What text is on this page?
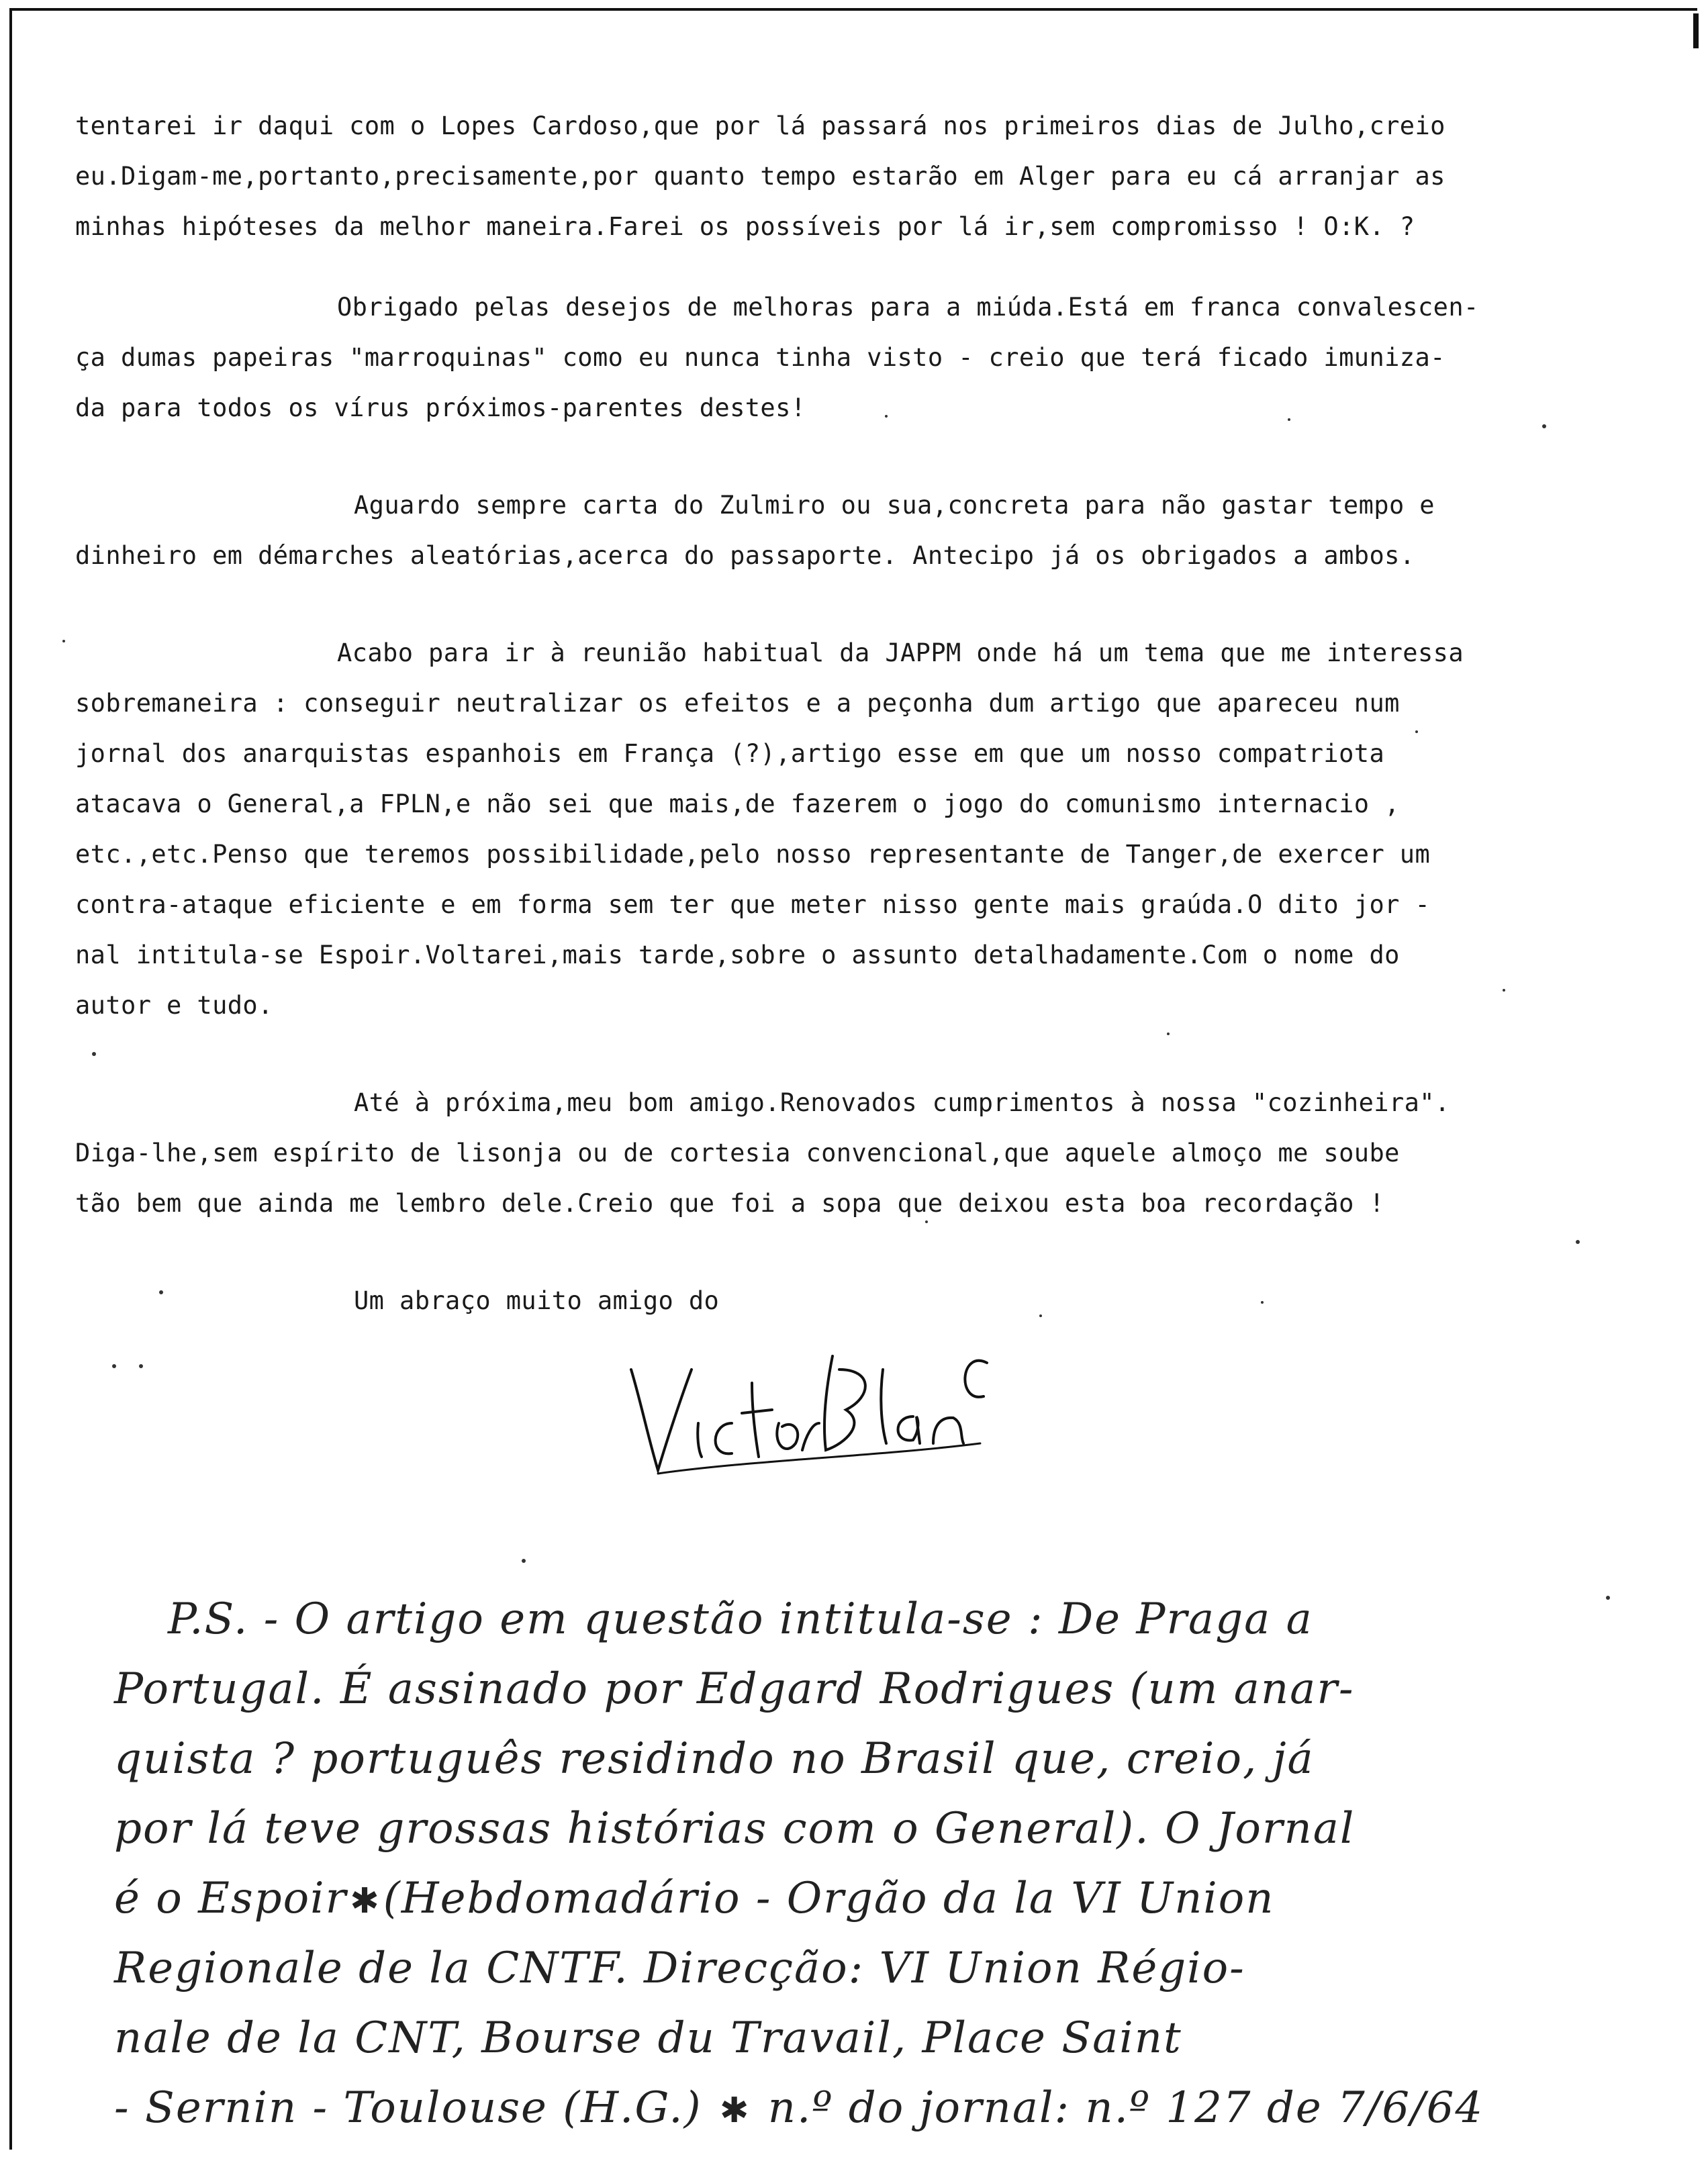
tentarei ir daqui com o Lopes Cardoso,que por lá passará nos primeiros dias de Julho,creio
eu.Digam-me,portanto,precisamente,por quanto tempo estarão em Alger para eu cá arranjar as
minhas hipóteses da melhor maneira.Farei os possíveis por lá ir,sem compromisso ! O:K. ?
Obrigado pelas desejos de melhoras para a miúda.Está em franca convalescen-
ça dumas papeiras "marroquinas" como eu nunca tinha visto - creio que terá ficado imuniza-
da para todos os vírus próximos-parentes destes!
Aguardo sempre carta do Zulmiro ou sua,concreta para não gastar tempo e
dinheiro em démarches aleatórias,acerca do passaporte. Antecipo já os obrigados a ambos.
Acabo para ir à reunião habitual da JAPPM onde há um tema que me interessa
sobremaneira : conseguir neutralizar os efeitos e a peçonha dum artigo que apareceu num
jornal dos anarquistas espanhois em França (?),artigo esse em que um nosso compatriota
atacava o General,a FPLN,e não sei que mais,de fazerem o jogo do comunismo internacio ,
etc.,etc.Penso que teremos possibilidade,pelo nosso representante de Tanger,de exercer um
contra-ataque eficiente e em forma sem ter que meter nisso gente mais graúda.O dito jor -
nal intitula-se Espoir.Voltarei,mais tarde,sobre o assunto detalhadamente.Com o nome do
autor e tudo.
Até à próxima,meu bom amigo.Renovados cumprimentos à nossa "cozinheira".
Diga-lhe,sem espírito de lisonja ou de cortesia convencional,que aquele almoço me soube
tão bem que ainda me lembro dele.Creio que foi a sopa que deixou esta boa recordação !
Um abraço muito amigo do
P.S. - O artigo em questão intitula-se : De Praga a
Portugal. É assinado por Edgard Rodrigues (um anar-
quista ? português residindo no Brasil que, creio, já
por lá teve grossas histórias com o General). O Jornal
é o Espoir✱(Hebdomadário - Orgão da la VI Union
Regionale de la CNTF. Direcção: VI Union Régio-
nale de la CNT, Bourse du Travail, Place Saint
- Sernin - Toulouse (H.G.) ✱ n.º do jornal: n.º 127 de 7/6/64
